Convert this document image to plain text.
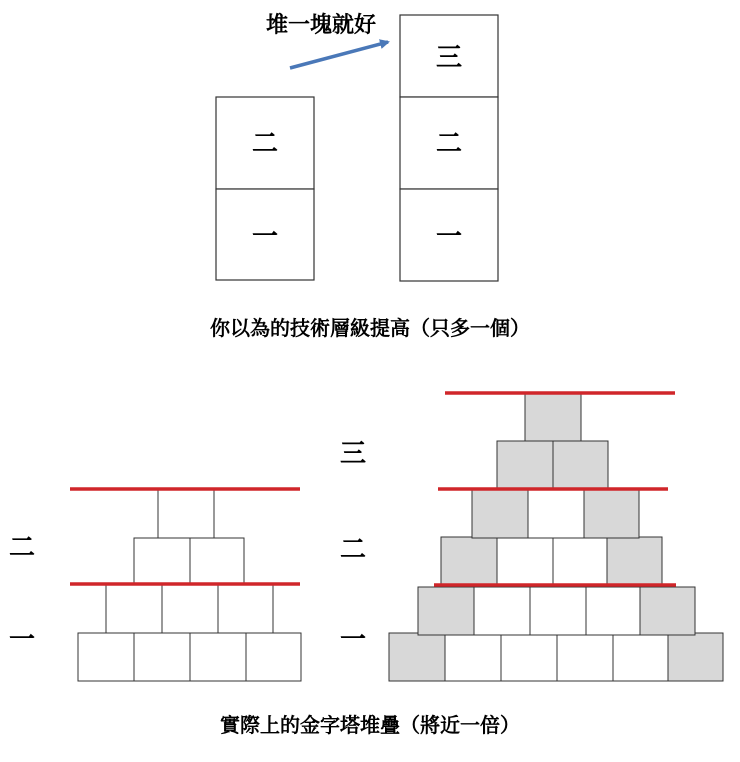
二
一
三
二
一
堆一塊就好
你以為的技術層級提高（只多一個）
二
一
三
二
一
實際上的金字塔堆疊（將近一倍）
